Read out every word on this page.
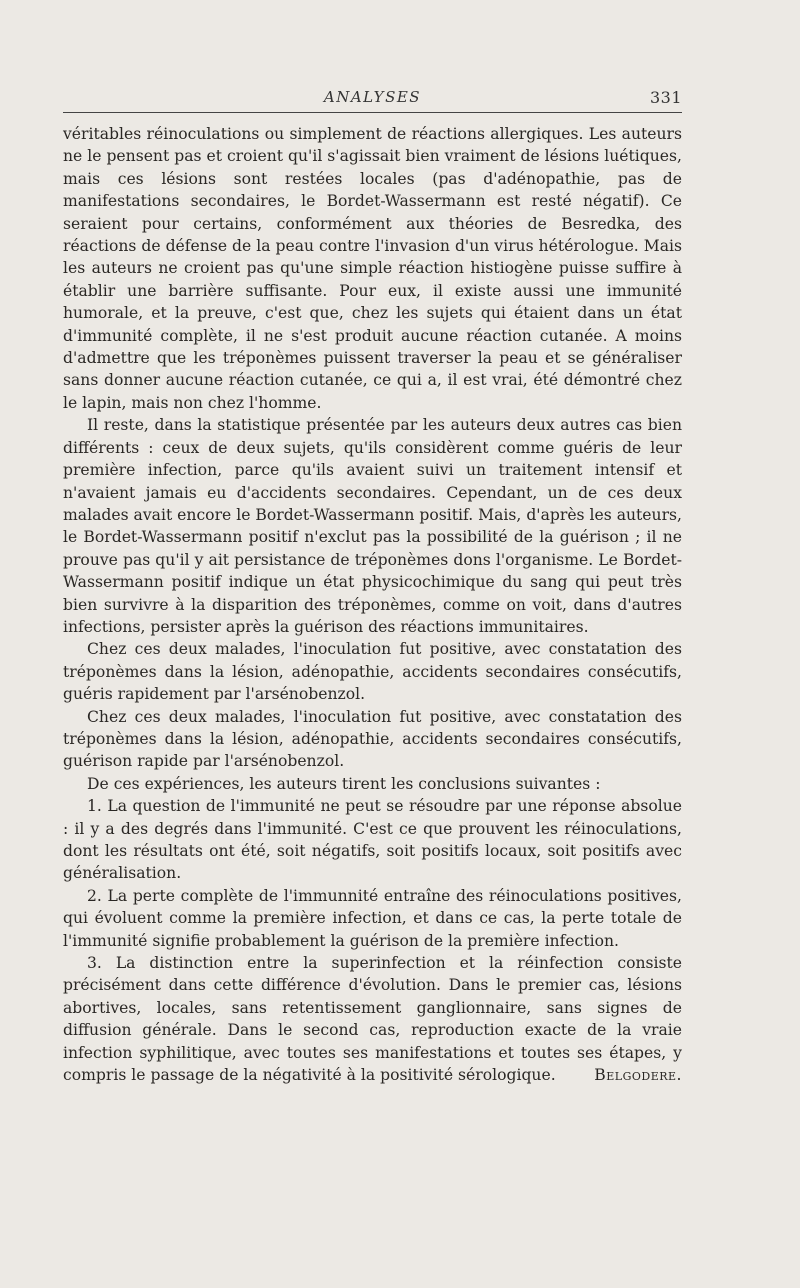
ANALYSES	331

véritables réinoculations ou simplement de réactions allergiques. Les auteurs ne le pensent pas et croient qu'il s'agissait bien vraiment de lésions luétiques, mais ces lésions sont restées locales (pas d'adénopathie, pas de manifestations secondaires, le Bordet-Wassermann est resté négatif). Ce seraient pour certains, conformément aux théories de Besredka, des réactions de défense de la peau contre l'invasion d'un virus hétérologue. Mais les auteurs ne croient pas qu'une simple réaction histiogène puisse suffire à établir une barrière suffisante. Pour eux, il existe aussi une immunité humorale, et la preuve, c'est que, chez les sujets qui étaient dans un état d'immunité complète, il ne s'est produit aucune réaction cutanée. A moins d'admettre que les tréponèmes puissent traverser la peau et se généraliser sans donner aucune réaction cutanée, ce qui a, il est vrai, été démontré chez le lapin, mais non chez l'homme.

Il reste, dans la statistique présentée par les auteurs deux autres cas bien différents : ceux de deux sujets, qu'ils considèrent comme guéris de leur première infection, parce qu'ils avaient suivi un traitement intensif et n'avaient jamais eu d'accidents secondaires. Cependant, un de ces deux malades avait encore le Bordet-Wassermann positif. Mais, d'après les auteurs, le Bordet-Wassermann positif n'exclut pas la possibilité de la guérison ; il ne prouve pas qu'il y ait persistance de tréponèmes dons l'organisme. Le Bordet-Wassermann positif indique un état physicochimique du sang qui peut très bien survivre à la disparition des tréponèmes, comme on voit, dans d'autres infections, persister après la guérison des réactions immunitaires.

Chez ces deux malades, l'inoculation fut positive, avec constatation des tréponèmes dans la lésion, adénopathie, accidents secondaires consécutifs, guéris rapidement par l'arsénobenzol.

Chez ces deux malades, l'inoculation fut positive, avec constatation des tréponèmes dans la lésion, adénopathie, accidents secondaires consécutifs, guérison rapide par l'arsénobenzol.

De ces expériences, les auteurs tirent les conclusions suivantes :

1. La question de l'immunité ne peut se résoudre par une réponse absolue : il y a des degrés dans l'immunité. C'est ce que prouvent les réinoculations, dont les résultats ont été, soit négatifs, soit positifs locaux, soit positifs avec généralisation.

2. La perte complète de l'immunnité entraîne des réinoculations positives, qui évoluent comme la première infection, et dans ce cas, la perte totale de l'immunité signifie probablement la guérison de la première infection.

3. La distinction entre la superinfection et la réinfection consiste précisément dans cette différence d'évolution. Dans le premier cas, lésions abortives, locales, sans retentissement ganglionnaire, sans signes de diffusion générale. Dans le second cas, reproduction exacte de la vraie infection syphilitique, avec toutes ses manifestations et toutes ses étapes, y compris le passage de la négativité à la positivité sérologique.	Belgodere.
